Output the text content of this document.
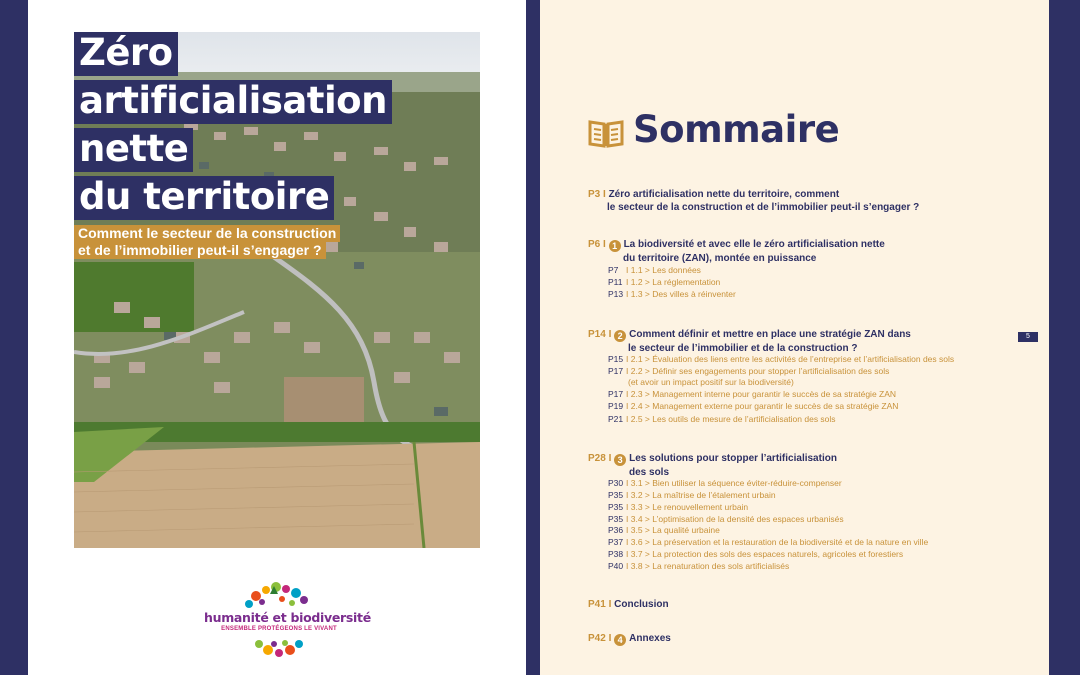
Zéro
artificialisation
nette
du territoire
Comment le secteur de la construction
et de l’immobilier peut-il s’engager ?
humanité et biodiversité
ENSEMBLE PROTÉGEONS LE VIVANT
Sommaire
P3 I Zéro artificialisation nette du territoire, comment
le secteur de la construction et de l’immobilier peut-il s’engager ?
P6 I 1 La biodiversité et avec elle le zéro artificialisation nette
du territoire (ZAN), montée en puissance
P7 I 1.1 > Les données
P11 I 1.2 > La réglementation
P13 I 1.3 > Des villes à réinventer
P14 I 2 Comment définir et mettre en place une stratégie ZAN dans
le secteur de l’immobilier et de la construction ?
P15 I 2.1 > Évaluation des liens entre les activités de l’entreprise et l’artificialisation des sols
P17 I 2.2 > Définir ses engagements pour stopper l’artificialisation des sols
(et avoir un impact positif sur la biodiversité)
P17 I 2.3 > Management interne pour garantir le succès de sa stratégie ZAN
P19 I 2.4 > Management externe pour garantir le succès de sa stratégie ZAN
P21 I 2.5 > Les outils de mesure de l’artificialisation des sols
5
P28 I 3 Les solutions pour stopper l’artificialisation
des sols
P30 I 3.1 > Bien utiliser la séquence éviter-réduire-compenser
P35 I 3.2 > La maîtrise de l’étalement urbain
P35 I 3.3 > Le renouvellement urbain
P35 I 3.4 > L’optimisation de la densité des espaces urbanisés
P36 I 3.5 > La qualité urbaine
P37 I 3.6 > La préservation et la restauration de la biodiversité et de la nature en ville
P38 I 3.7 > La protection des sols des espaces naturels, agricoles et forestiers
P40 I 3.8 > La renaturation des sols artificialisés
P41 I Conclusion
P42 I 4 Annexes
